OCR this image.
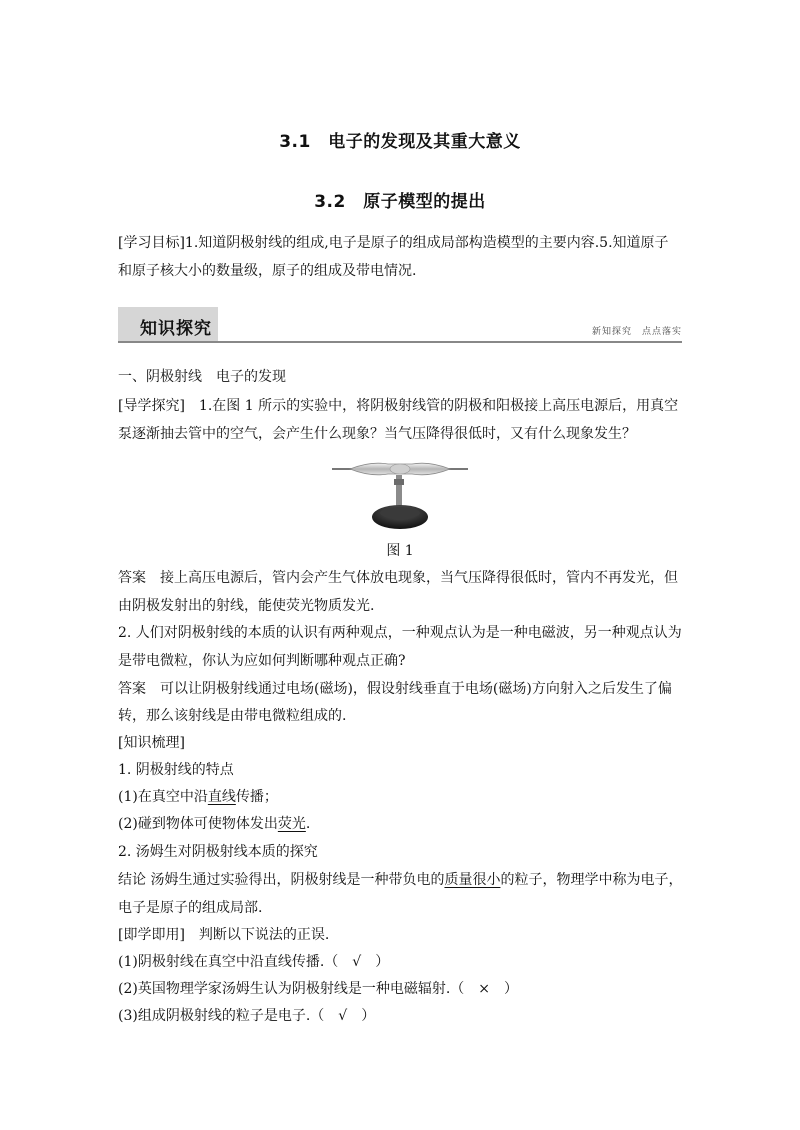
3.1　电子的发现及其重大意义
3.2　原子模型的提出
[学习目标]1.知道阴极射线的组成,电子是原子的组成局部构造模型的主要内容.5.知道原子
和原子核大小的数量级，原子的组成及带电情况.
知识探究	新知探究　点点落实
一、阴极射线　电子的发现
[导学探究]　1.在图 1 所示的实验中，将阴极射线管的阴极和阳极接上高压电源后，用真空
泵逐渐抽去管中的空气，会产生什么现象？当气压降得很低时，又有什么现象发生？
图 1
答案　接上高压电源后，管内会产生气体放电现象，当气压降得很低时，管内不再发光，但
由阴极发射出的射线，能使荧光物质发光.
2. 人们对阴极射线的本质的认识有两种观点，一种观点认为是一种电磁波，另一种观点认为
是带电微粒，你认为应如何判断哪种观点正确?
答案　可以让阴极射线通过电场(磁场)，假设射线垂直于电场(磁场)方向射入之后发生了偏
转，那么该射线是由带电微粒组成的.
[知识梳理]
1. 阴极射线的特点
(1)在真空中沿直线传播；
(2)碰到物体可使物体发出荧光.
2. 汤姆生对阴极射线本质的探究
结论 汤姆生通过实验得出，阴极射线是一种带负电的质量很小的粒子，物理学中称为电子，
电子是原子的组成局部.
[即学即用]　判断以下说法的正误.
(1)阴极射线在真空中沿直线传播.（　√　）
(2)英国物理学家汤姆生认为阴极射线是一种电磁辐射.（　×　）
(3)组成阴极射线的粒子是电子.（　√　）
